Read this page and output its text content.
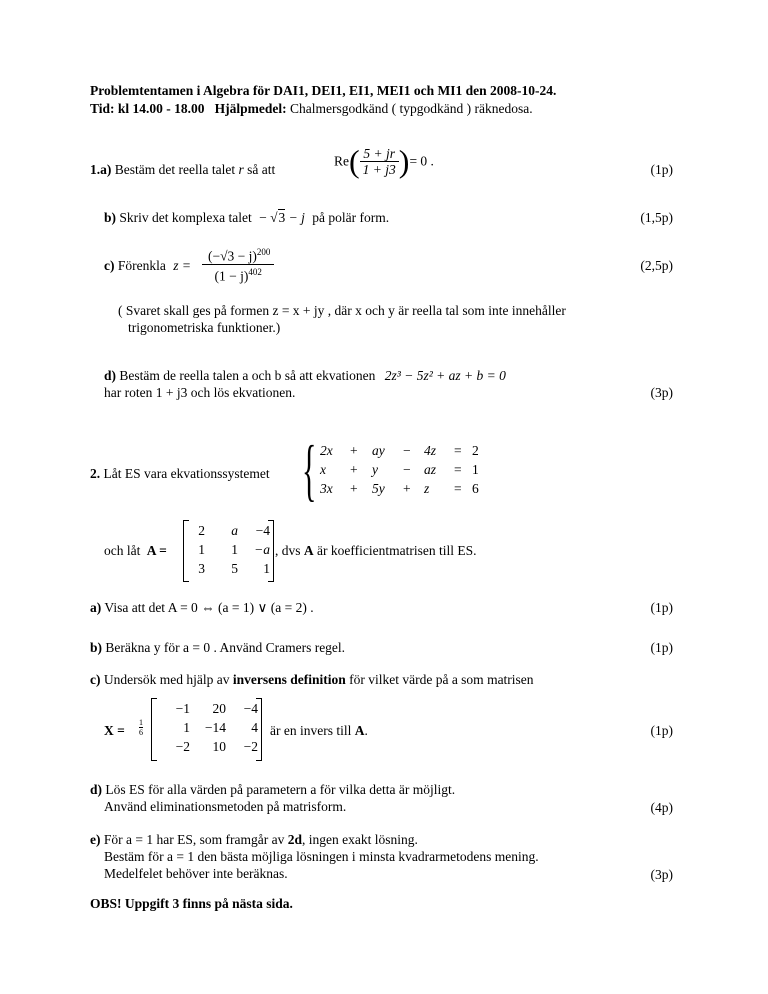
Problemtentamen i Algebra för DAI1, DEI1, EI1, MEI1 och MI1 den 2008-10-24.
Tid: kl 14.00 - 18.00 Hjälpmedel: Chalmersgodkänd ( typgodkänd ) räknedosa.
1.a) Bestäm det reella talet r så att
$Re( \frac{5 + jr}{1 + j3}$ )= 0 .
(1p)
b) Skriv det komplexa talet − √3 − j på polär form.	(1,5p)
c) Förenkla $z = \frac{(-√3 - j)^{200}}{(1 - j)^{402}}$	(2,5p)
( Svaret skall ges på formen z = x + jy , där x och y är reella tal som inte innehåller
trigonometriska funktioner.)
d) Bestäm de reella talen a och b så att ekvationen 2z³ − 5z² + az + b = 0
har roten 1 + j3 och lös ekvationen.	(3p)
2. Låt ES vara ekvationssystemet { 2x + ay − 4z = 2
x + y − az = 1
3x + 5y + z = 6
och låt A =
2 a −4
1 1 −a
3 5 1
, dvs A är koefficientmatrisen till ES.
a) Visa att det A = 0 ⇔ (a = 1) ∨ (a = 2) .	(1p)
b) Beräkna y för a = 0 . Använd Cramers regel.	(1p)
c) Undersök med hjälp av inversens definition för vilket värde på a som matrisen
$X = \frac{1}{6}$
−1 20 −4
1 −14 4
−2 10 −2
är en invers till A.	(1p)
d) Lös ES för alla värden på parametern a för vilka detta är möjligt.
Använd eliminationsmetoden på matrisform.	(4p)
e) För a = 1 har ES, som framgår av 2d, ingen exakt lösning.
Bestäm för a = 1 den bästa möjliga lösningen i minsta kvadrarmetodens mening.
Medelfelet behöver inte beräknas.	(3p)
OBS! Uppgift 3 finns på nästa sida.
